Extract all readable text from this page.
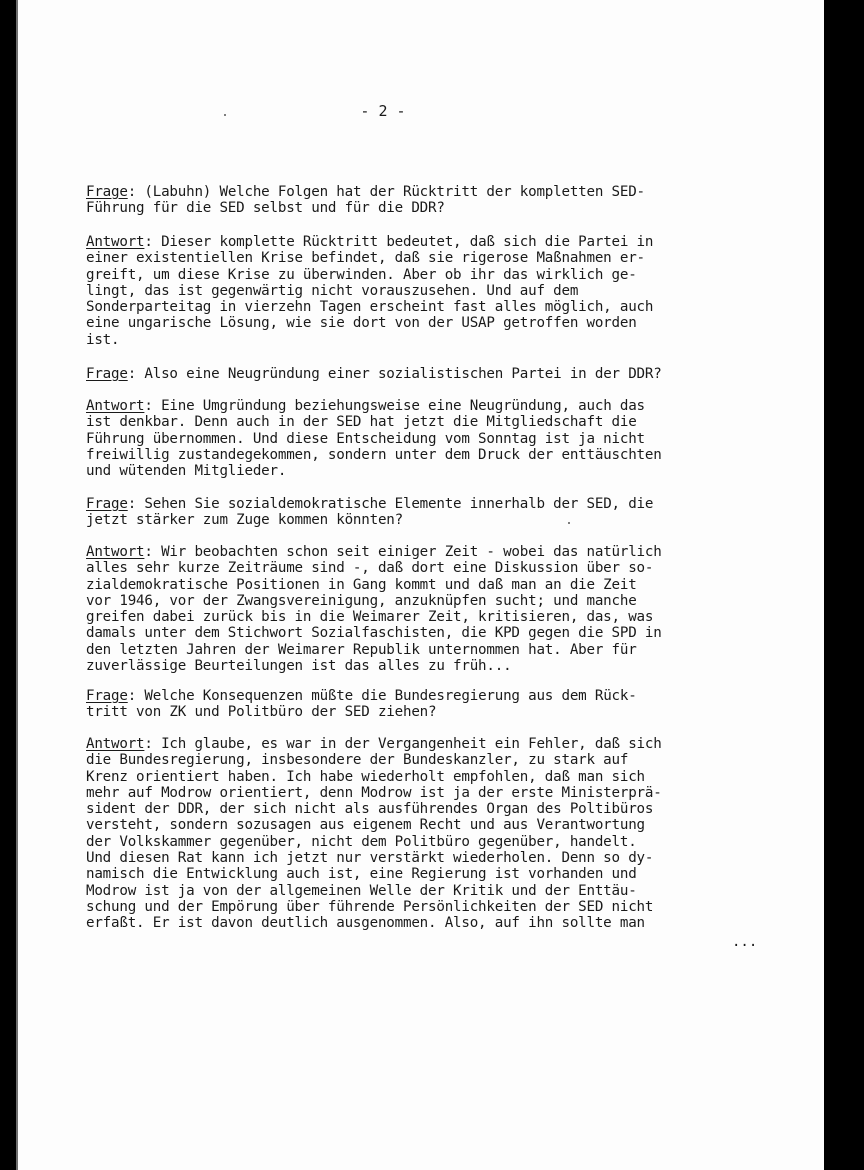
- 2 -
Frage: (Labuhn) Welche Folgen hat der Rücktritt der kompletten SED-
Führung für die SED selbst und für die DDR?
Antwort: Dieser komplette Rücktritt bedeutet, daß sich die Partei in
einer existentiellen Krise befindet, daß sie rigerose Maßnahmen er-
greift, um diese Krise zu überwinden. Aber ob ihr das wirklich ge-
lingt, das ist gegenwärtig nicht vorauszusehen. Und auf dem
Sonderparteitag in vierzehn Tagen erscheint fast alles möglich, auch
eine ungarische Lösung, wie sie dort von der USAP getroffen worden
ist.
Frage: Also eine Neugründung einer sozialistischen Partei in der DDR?
Antwort: Eine Umgründung beziehungsweise eine Neugründung, auch das
ist denkbar. Denn auch in der SED hat jetzt die Mitgliedschaft die
Führung übernommen. Und diese Entscheidung vom Sonntag ist ja nicht
freiwillig zustandegekommen, sondern unter dem Druck der enttäuschten
und wütenden Mitglieder.
Frage: Sehen Sie sozialdemokratische Elemente innerhalb der SED, die
jetzt stärker zum Zuge kommen könnten?
Antwort: Wir beobachten schon seit einiger Zeit - wobei das natürlich
alles sehr kurze Zeiträume sind -, daß dort eine Diskussion über so-
zialdemokratische Positionen in Gang kommt und daß man an die Zeit
vor 1946, vor der Zwangsvereinigung, anzuknüpfen sucht; und manche
greifen dabei zurück bis in die Weimarer Zeit, kritisieren, das, was
damals unter dem Stichwort Sozialfaschisten, die KPD gegen die SPD in
den letzten Jahren der Weimarer Republik unternommen hat. Aber für
zuverlässige Beurteilungen ist das alles zu früh...
Frage: Welche Konsequenzen müßte die Bundesregierung aus dem Rück-
tritt von ZK und Politbüro der SED ziehen?
Antwort: Ich glaube, es war in der Vergangenheit ein Fehler, daß sich
die Bundesregierung, insbesondere der Bundeskanzler, zu stark auf
Krenz orientiert haben. Ich habe wiederholt empfohlen, daß man sich
mehr auf Modrow orientiert, denn Modrow ist ja der erste Ministerprä-
sident der DDR, der sich nicht als ausführendes Organ des Poltibüros
versteht, sondern sozusagen aus eigenem Recht und aus Verantwortung
der Volkskammer gegenüber, nicht dem Politbüro gegenüber, handelt.
Und diesen Rat kann ich jetzt nur verstärkt wiederholen. Denn so dy-
namisch die Entwicklung auch ist, eine Regierung ist vorhanden und
Modrow ist ja von der allgemeinen Welle der Kritik und der Enttäu-
schung und der Empörung über führende Persönlichkeiten der SED nicht
erfaßt. Er ist davon deutlich ausgenommen. Also, auf ihn sollte man
...
